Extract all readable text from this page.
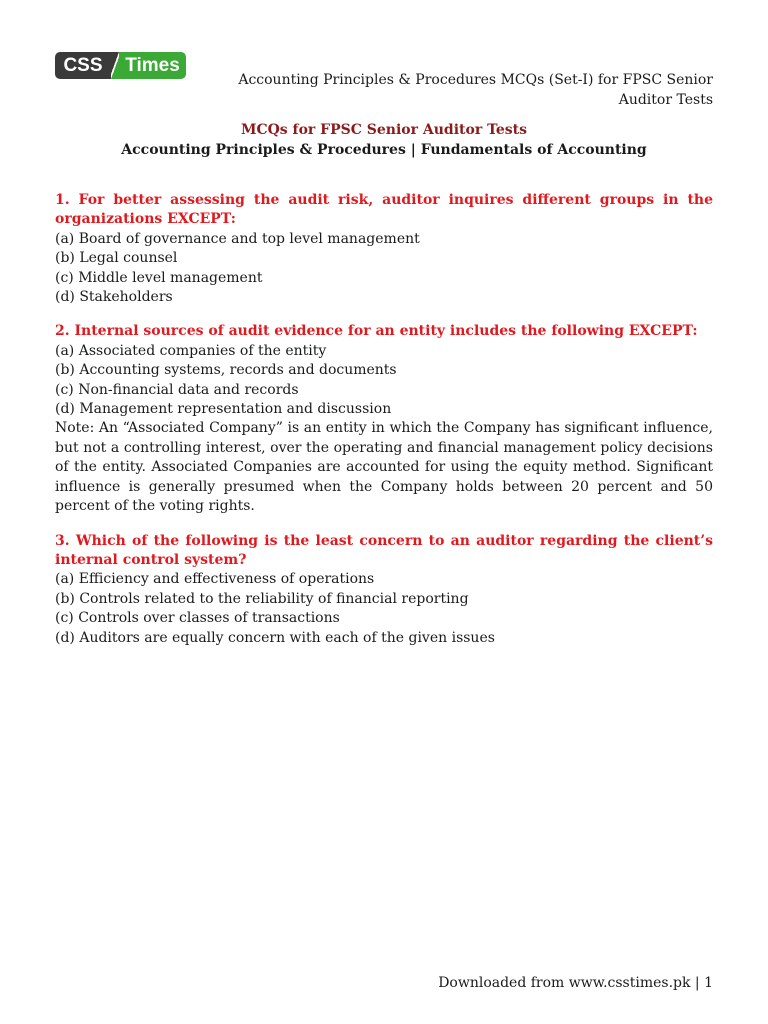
CSS	Times
Accounting Principles & Procedures MCQs (Set-I) for FPSC Senior Auditor Tests
MCQs for FPSC Senior Auditor Tests
Accounting Principles & Procedures | Fundamentals of Accounting
1. For better assessing the audit risk, auditor inquires different groups in the organizations EXCEPT:
(a) Board of governance and top level management
(b) Legal counsel
(c) Middle level management
(d) Stakeholders
2. Internal sources of audit evidence for an entity includes the following EXCEPT:
(a) Associated companies of the entity
(b) Accounting systems, records and documents
(c) Non-financial data and records
(d) Management representation and discussion
Note: An “Associated Company” is an entity in which the Company has significant influence, but not a controlling interest, over the operating and financial management policy decisions of the entity. Associated Companies are accounted for using the equity method. Significant influence is generally presumed when the Company holds between 20 percent and 50 percent of the voting rights.
3. Which of the following is the least concern to an auditor regarding the client’s internal control system?
(a) Efficiency and effectiveness of operations
(b) Controls related to the reliability of financial reporting
(c) Controls over classes of transactions
(d) Auditors are equally concern with each of the given issues
Downloaded from www.csstimes.pk | 1
